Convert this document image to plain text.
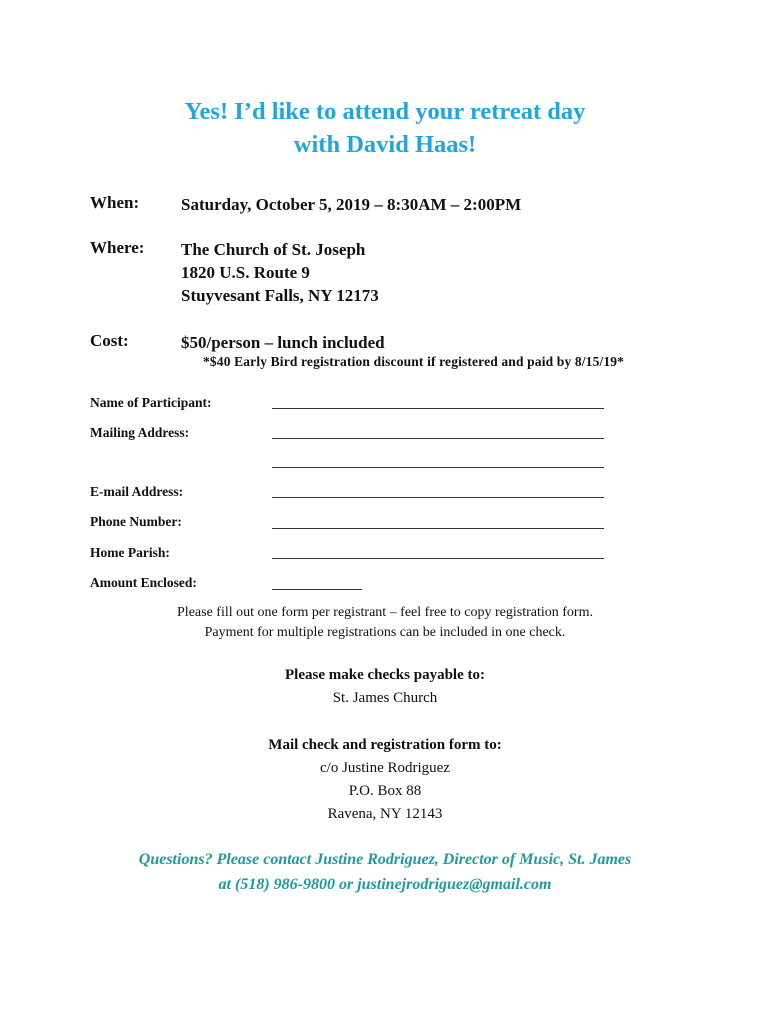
Yes! I’d like to attend your retreat day
with David Haas!
When: Saturday, October 5, 2019 – 8:30AM – 2:00PM
Where: The Church of St. Joseph
1820 U.S. Route 9
Stuyvesant Falls, NY 12173
Cost:	$50/person – lunch included
*$40 Early Bird registration discount if registered and paid by 8/15/19*
Name of Participant:
Mailing Address:
E-mail Address:
Phone Number:
Home Parish:
Amount Enclosed:
Please fill out one form per registrant – feel free to copy registration form.
Payment for multiple registrations can be included in one check.
Please make checks payable to:
St. James Church
Mail check and registration form to:
c/o Justine Rodriguez
P.O. Box 88
Ravena, NY 12143
Questions? Please contact Justine Rodriguez, Director of Music, St. James
at (518) 986-9800 or justinejrodriguez@gmail.com
